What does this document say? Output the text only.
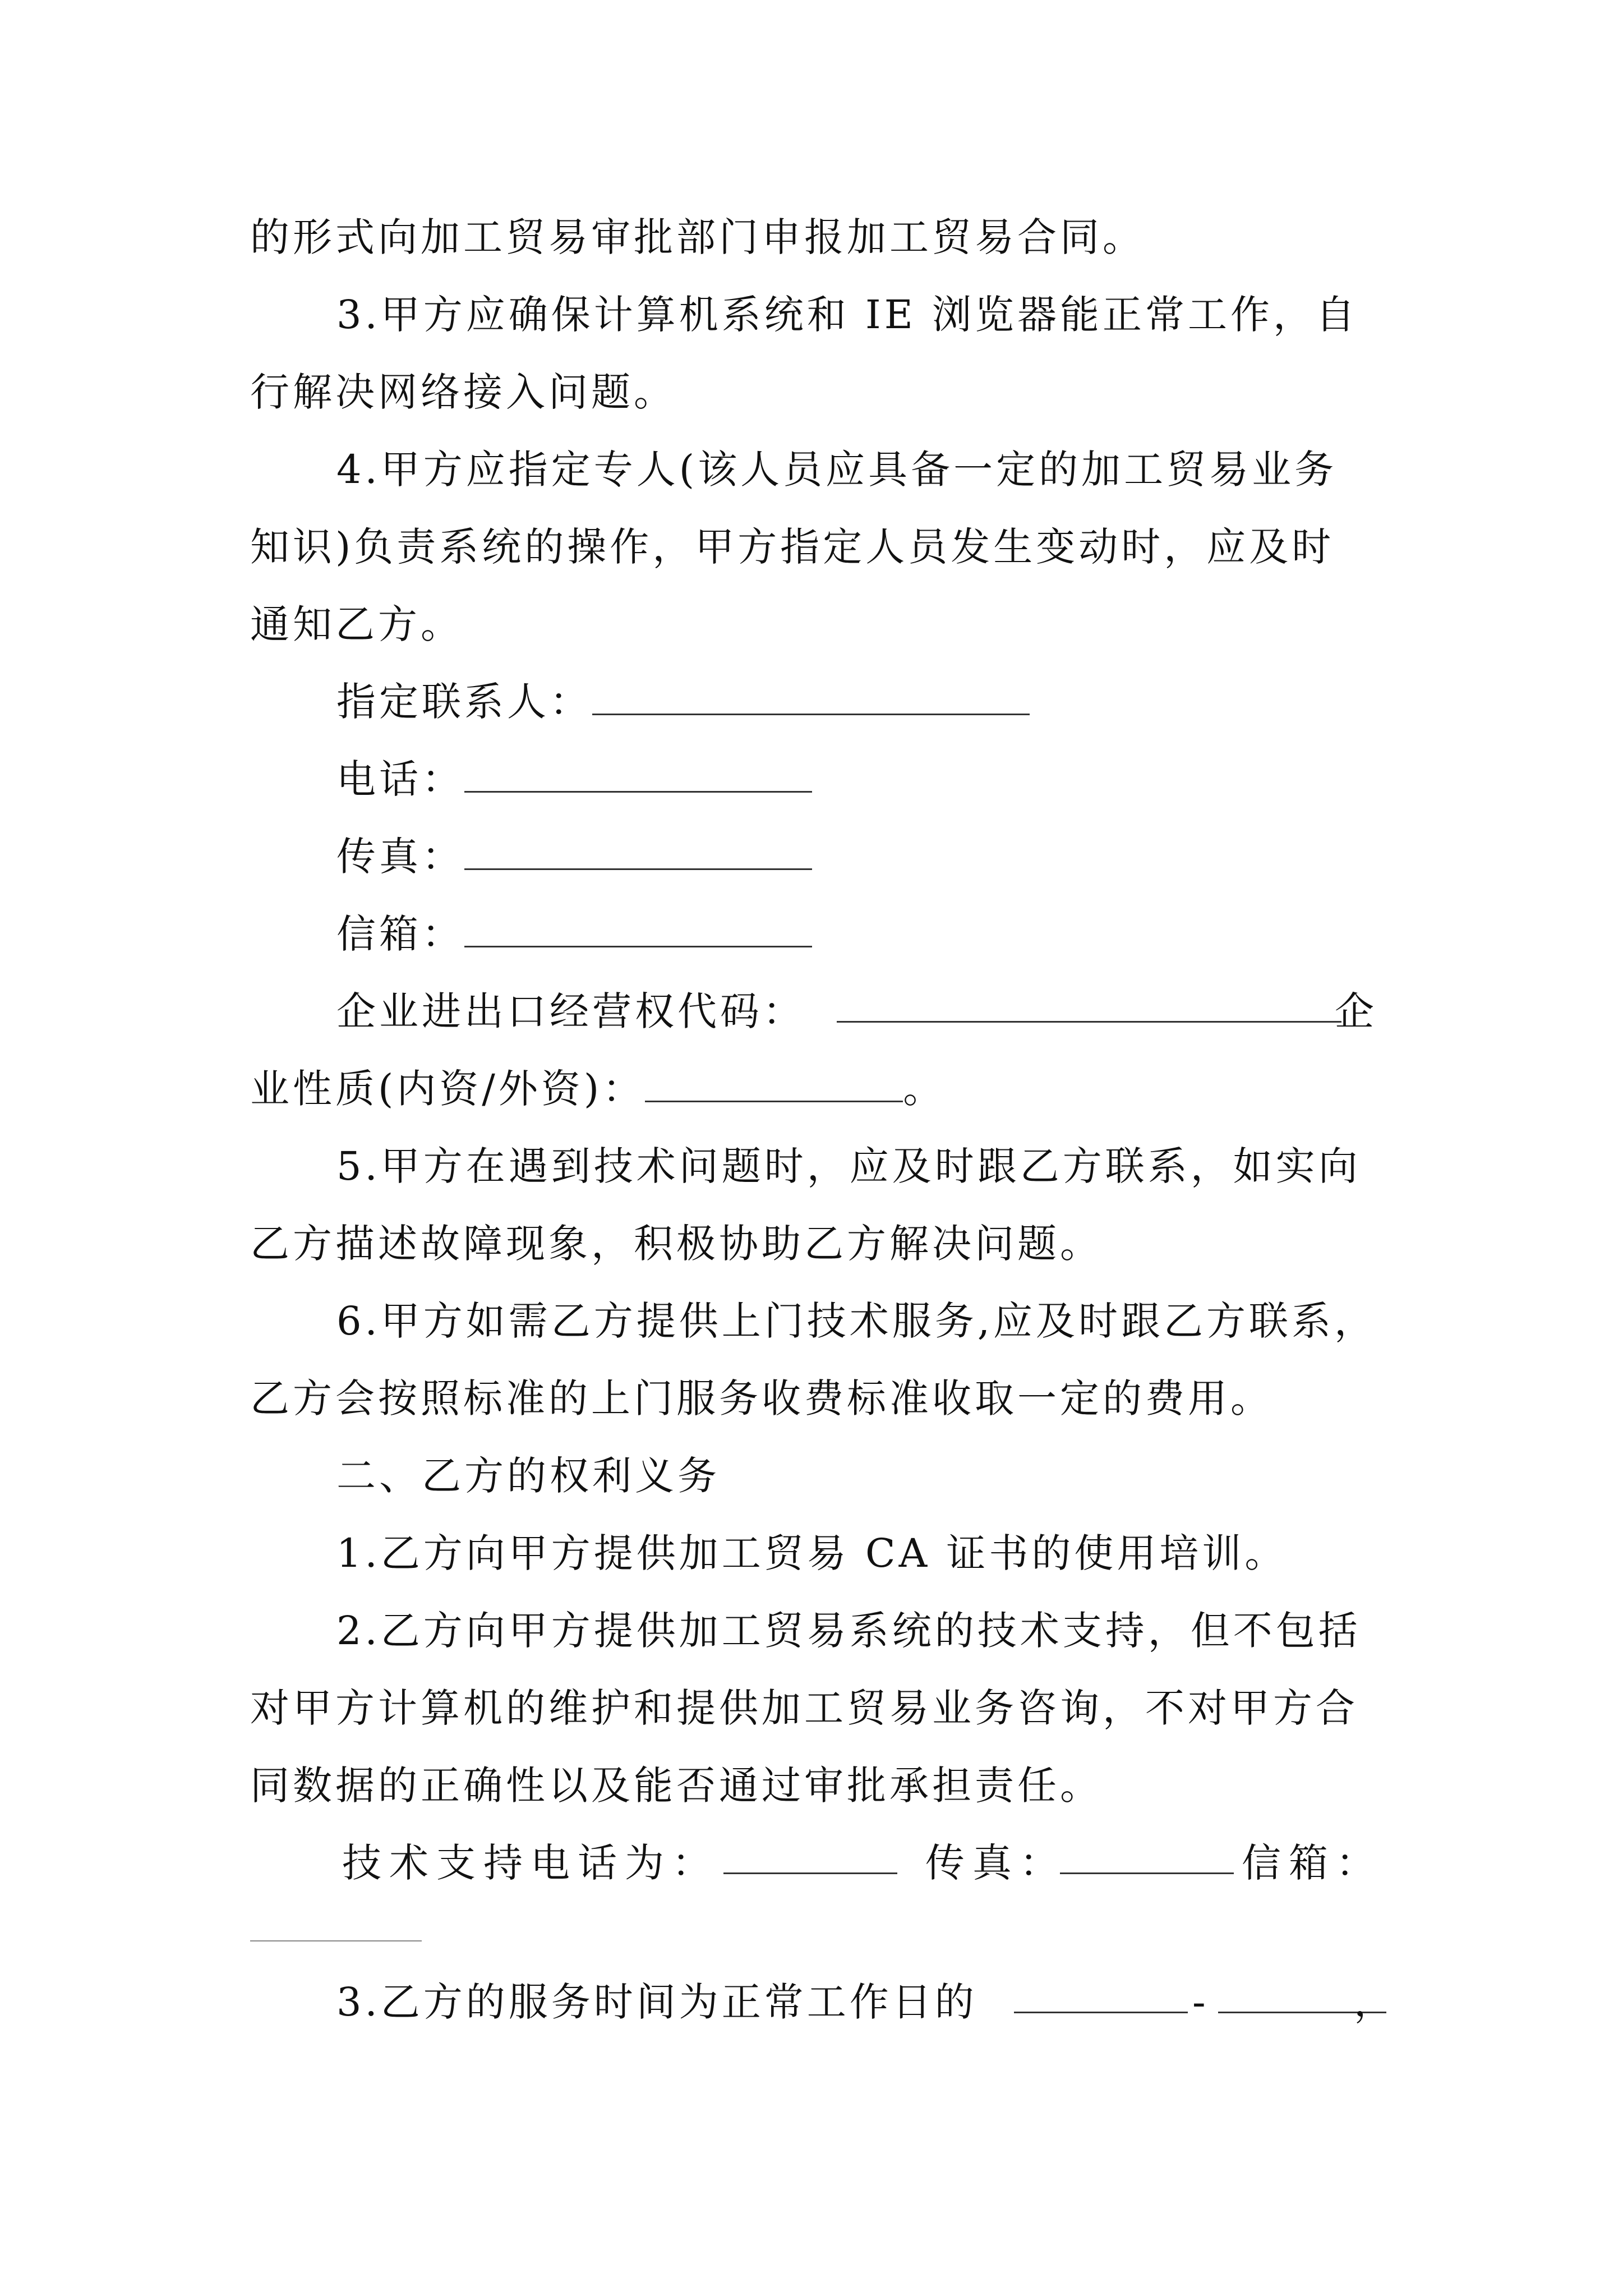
的形式向加工贸易审批部门申报加工贸易合同。
3.甲方应确保计算机系统和 IE 浏览器能正常工作，自
行解决网络接入问题。
4.甲方应指定专人(该人员应具备一定的加工贸易业务
知识)负责系统的操作，甲方指定人员发生变动时，应及时
通知乙方。
指定联系人：
电话：
传真：
信箱：
企业进出口经营权代码：	企
业性质(内资/外资)：	。
5.甲方在遇到技术问题时，应及时跟乙方联系，如实向
乙方描述故障现象，积极协助乙方解决问题。
6.甲方如需乙方提供上门技术服务,应及时跟乙方联系，
乙方会按照标准的上门服务收费标准收取一定的费用。
二、乙方的权利义务
1.乙方向甲方提供加工贸易 CA 证书的使用培训。
2.乙方向甲方提供加工贸易系统的技术支持，但不包括
对甲方计算机的维护和提供加工贸易业务咨询，不对甲方合
同数据的正确性以及能否通过审批承担责任。
技术支持电话为：	传真：	信箱：
3.乙方的服务时间为正常工作日的	-	，
